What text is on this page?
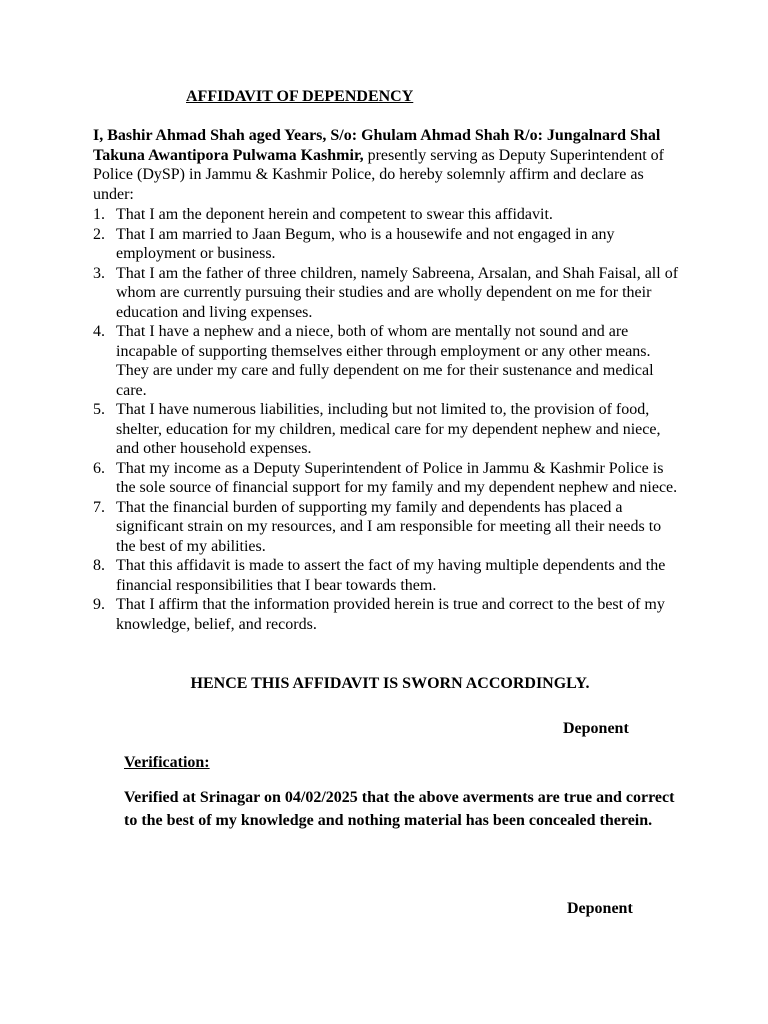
AFFIDAVIT OF DEPENDENCY

I, Bashir Ahmad Shah aged Years, S/o: Ghulam Ahmad Shah R/o: Jungalnard Shal Takuna Awantipora Pulwama Kashmir, presently serving as Deputy Superintendent of Police (DySP) in Jammu & Kashmir Police, do hereby solemnly affirm and declare as under:

1. That I am the deponent herein and competent to swear this affidavit.
2. That I am married to Jaan Begum, who is a housewife and not engaged in any employment or business.
3. That I am the father of three children, namely Sabreena, Arsalan, and Shah Faisal, all of whom are currently pursuing their studies and are wholly dependent on me for their education and living expenses.
4. That I have a nephew and a niece, both of whom are mentally not sound and are incapable of supporting themselves either through employment or any other means. They are under my care and fully dependent on me for their sustenance and medical care.
5. That I have numerous liabilities, including but not limited to, the provision of food, shelter, education for my children, medical care for my dependent nephew and niece, and other household expenses.
6. That my income as a Deputy Superintendent of Police in Jammu & Kashmir Police is the sole source of financial support for my family and my dependent nephew and niece.
7. That the financial burden of supporting my family and dependents has placed a significant strain on my resources, and I am responsible for meeting all their needs to the best of my abilities.
8. That this affidavit is made to assert the fact of my having multiple dependents and the financial responsibilities that I bear towards them.
9. That I affirm that the information provided herein is true and correct to the best of my knowledge, belief, and records.
HENCE THIS AFFIDAVIT IS SWORN ACCORDINGLY.
Deponent
Verification:

Verified at Srinagar on 04/02/2025 that the above averments are true and correct to the best of my knowledge and nothing material has been concealed therein.

Deponent
